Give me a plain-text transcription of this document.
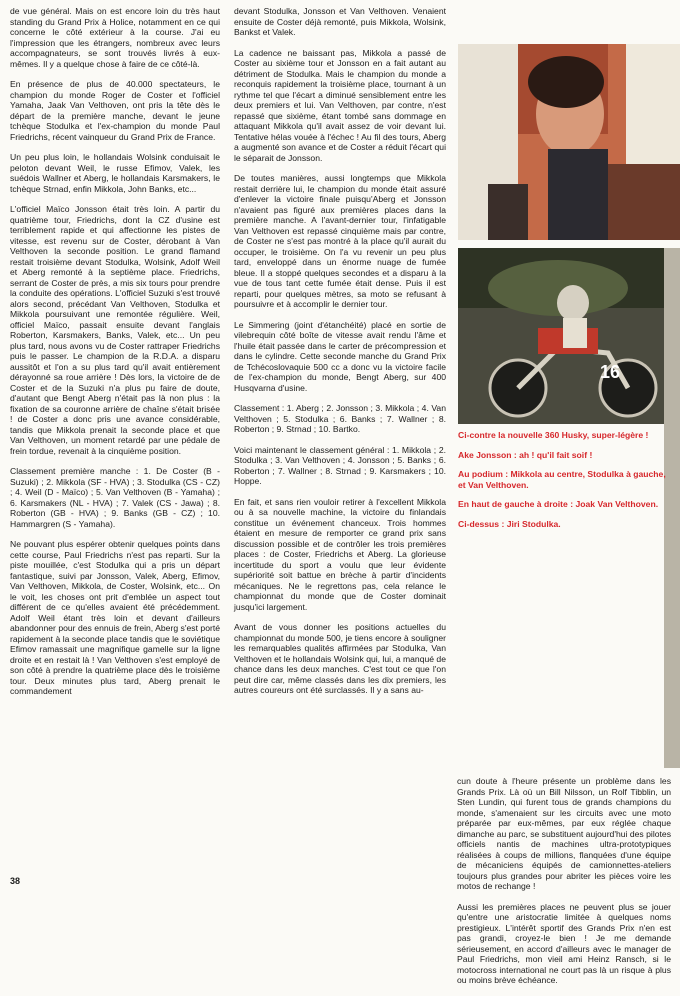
de vue général. Mais on est encore loin du très haut standing du Grand Prix à Holice, notamment en ce qui concerne le côté extérieur à la course. J'ai eu l'impression que les étrangers, nombreux avec leurs accompagnateurs, se sont trouvés livrés à eux-mêmes. Il y a quelque chose à faire de ce côté-là.

En présence de plus de 40.000 spectateurs, le champion du monde Roger de Coster et l'officiel Yamaha, Jaak Van Velthoven, ont pris la tête dès le départ de la première manche, devant le jeune tchèque Stodulka et l'ex-champion du monde Paul Friedrichs, récent vainqueur du Grand Prix de France.

Un peu plus loin, le hollandais Wolsink conduisait le peloton devant Weil, le russe Efimov, Valek, les suédois Wallner et Aberg, le hollandais Karsmakers, le tchèque Strnad, enfin Mikkola, John Banks, etc...

L'officiel Maïco Jonsson était très loin. A partir du quatrième tour, Friedrichs, dont la CZ d'usine est terriblement rapide et qui affectionne les pistes de vitesse, est revenu sur de Coster, dérobant à Van Velthoven la seconde position. Le grand flamand restait troisième devant Stodulka, Wolsink, Adolf Weil et Aberg remonté à la septième place. Friedrichs, serrant de Coster de près, a mis six tours pour prendre la conduite des opérations. L'officiel Suzuki s'est trouvé alors second, précédant Van Velthoven, Stodulka et Mikkola poursuivant une remontée régulière. Weil, officiel Maïco, passait ensuite devant l'anglais Roberton, Karsmakers, Banks, Valek, etc... Un peu plus tard, nous avons vu de Coster rattraper Friedrichs puis le passer. Le champion de la R.D.A. a disparu aussitôt et l'on a su plus tard qu'il avait entièrement dérayonné sa roue arrière ! Dès lors, la victoire de de Coster et de la Suzuki n'a plus pu faire de doute, d'autant que Bengt Aberg n'était pas là non plus : la fixation de sa couronne arrière de chaîne s'était brisée ! de Coster a donc pris une avance considérable, tandis que Mikkola prenait la seconde place et que Van Velthoven, un moment retardé par une pédale de frein tordue, revenait à la cinquième position.

Classement première manche : 1. De Coster (B - Suzuki) ; 2. Mikkola (SF - HVA) ; 3. Stodulka (CS - CZ) ; 4. Weil (D - Maïco) ; 5. Van Velthoven (B - Yamaha) ; 6. Karsmakers (NL - HVA) ; 7. Valek (CS - Jawa) ; 8. Roberton (GB - HVA) ; 9. Banks (GB - CZ) ; 10. Hammargren (S - Yamaha).

Ne pouvant plus espérer obtenir quelques points dans cette course, Paul Friedrichs n'est pas reparti. Sur la piste mouillée, c'est Stodulka qui a pris un départ fantastique, suivi par Jonsson, Valek, Aberg, Efimov, Van Velthoven, Mikkola, de Coster, Wolsink, etc... On le voit, les choses ont prit d'emblée un aspect tout différent de ce qu'elles avaient été précédemment. Adolf Weil étant très loin et devant d'ailleurs abandonner pour des ennuis de frein, Aberg s'est porté rapidement à la seconde place tandis que le soviétique Efimov ramassait une magnifique gamelle sur la ligne droite et en restait là ! Van Velthoven s'est employé de son côté à prendre la quatrième place dès le troisième tour. Deux minutes plus tard, Aberg prenait le commandement

devant Stodulka, Jonsson et Van Velthoven. Venaient ensuite de Coster déjà remonté, puis Mikkola, Wolsink, Bankst et Valek.

La cadence ne baissant pas, Mikkola a passé de Coster au sixième tour et Jonsson en a fait autant au détriment de Stodulka. Mais le champion du monde a reconquis rapidement la troisième place, tournant à un rythme tel que l'écart a diminué sensiblement entre les deux premiers et lui. Van Velthoven, par contre, n'est repassé que sixième, étant tombé sans dommage en attaquant Mikkola qu'il avait assez de voir devant lui. Tentative hélas vouée à l'échec ! Au fil des tours, Aberg a augmenté son avance et de Coster a réduit l'écart qui le séparait de Jonsson.

De toutes manières, aussi longtemps que Mikkola restait derrière lui, le champion du monde était assuré d'enlever la victoire finale puisqu'Aberg et Jonsson n'avaient pas figuré aux premières places dans la première manche. A l'avant-dernier tour, l'infatigable Van Velthoven est repassé cinquième mais par contre, de Coster ne s'est pas montré à la place qu'il aurait du occuper, le troisième. On l'a vu revenir un peu plus tard, enveloppé dans un énorme nuage de fumée bleue. Il a stoppé quelques secondes et a disparu à la vue de tous tant cette fumée était dense. Puis il est reparti, pour quelques mètres, sa moto se refusant à poursuivre et à accomplir le dernier tour.

Le Simmering (joint d'étanchéité) placé en sortie de vilebrequin côté boîte de vitesse avait rendu l'âme et l'huile était passée dans le carter de précompression et dans le cylindre. Cette seconde manche du Grand Prix de Tchécoslovaquie 500 cc a donc vu la victoire facile de l'ex-champion du monde, Bengt Aberg, sur 400 Husqvarna d'usine.

Classement : 1. Aberg ; 2. Jonsson ; 3. Mikkola ; 4. Van Velthoven ; 5. Stodulka ; 6. Banks ; 7. Wallner ; 8. Roberton ; 9. Strnad ; 10. Bartko.

Voici maintenant le classement général : 1. Mikkola ; 2. Stodulka ; 3. Van Velthoven ; 4. Jonsson ; 5. Banks ; 6. Roberton ; 7. Wallner ; 8. Strnad ; 9. Karsmakers ; 10. Hoppe.

En fait, et sans rien vouloir retirer à l'excellent Mikkola ou à sa nouvelle machine, la victoire du finlandais constitue un événement chanceux. Trois hommes étaient en mesure de remporter ce grand prix sans discussion possible et de contrôler les trois premières places : de Coster, Friedrichs et Aberg. La glorieuse incertitude du sport a voulu que leur évidente supériorité soit battue en brèche à partir d'incidents mécaniques. Ne le regrettons pas, cela relance le championnat du monde que de Coster dominait jusqu'ici largement.

Avant de vous donner les positions actuelles du championnat du monde 500, je tiens encore à souligner les remarquables qualités affirmées par Stodulka, Van Velthoven et le hollandais Wolsink qui, lui, a manqué de chance dans les deux manches. C'est tout ce que l'on peut dire car, même classés dans les dix premiers, les autres coureurs ont été surclassés. Il y a sans au-

16

Ci-contre la nouvelle 360 Husky, super-légère !

Ake Jonsson : ah ! qu'il fait soif !

Au podium : Mikkola au centre, Stodulka à gauche, et Van Velthoven.

En haut de gauche à droite : Joak Van Velthoven.

Ci-dessus : Jiri Stodulka.

cun doute à l'heure présente un problème dans les Grands Prix. Là où un Bill Nilsson, un Rolf Tibblin, un Sten Lundin, qui furent tous de grands champions du monde, s'amenaient sur les circuits avec une moto préparée par eux-mêmes, par eux réglée chaque dimanche au parc, se substituent aujourd'hui des pilotes officiels nantis de machines ultra-prototypiques réalisées à coups de millions, flanquées d'une équipe de mécaniciens équipés de camionnettes-ateliers toujours plus grandes pour abriter les pièces voire les motos de rechange !

Aussi les premières places ne peuvent plus se jouer qu'entre une aristocratie limitée à quelques noms prestigieux. L'intérêt sportif des Grands Prix n'en est pas grandi, croyez-le bien ! Je me demande sérieusement, en accord d'ailleurs avec le manager de Paul Friedrichs, mon vieil ami Heinz Ransch, si le motocross international ne court pas là un risque à plus ou moins brève échéance.

38
